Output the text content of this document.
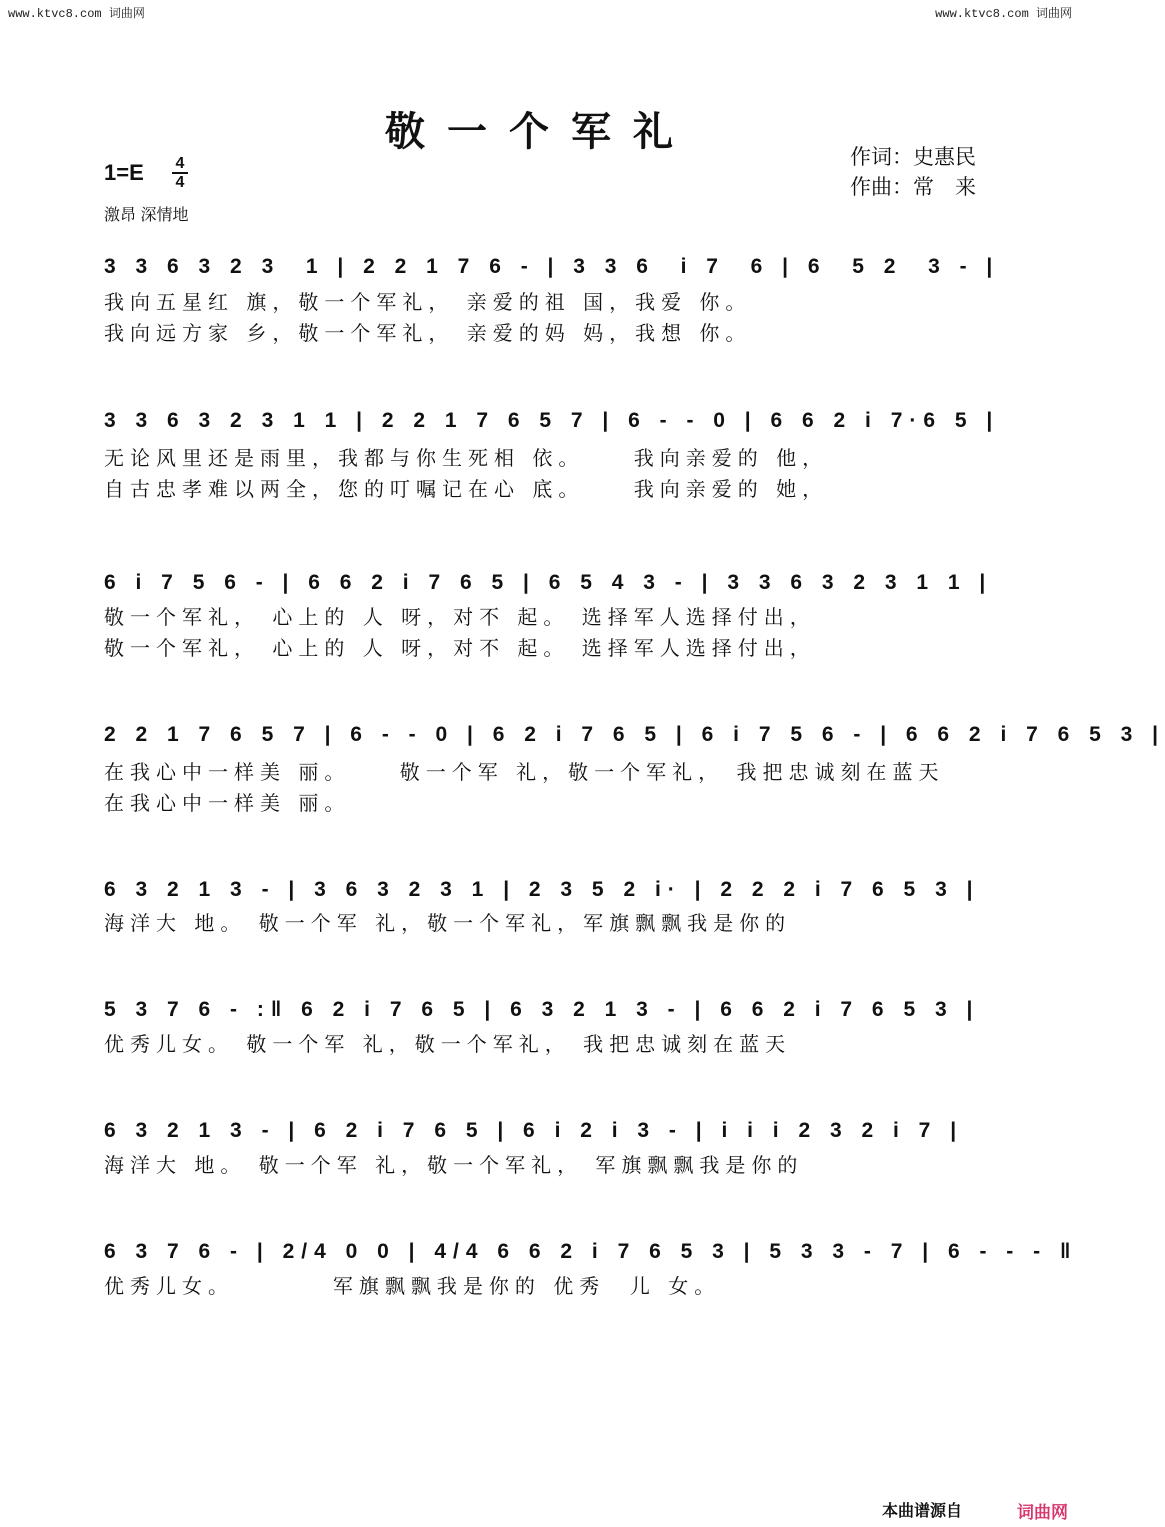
www.ktvc8.com 词曲网	www.ktvc8.com 词曲网
敬一个军礼
作词：史惠民
作曲：常　来
1=E 4
4
激昂 深情地
3 3 6 3 2 3  1 | 2 2 1 7 6 - | 3 3 6  i 7  6 | 6  5 2  3 - |
我向五星红 旗，敬一个军礼， 亲爱的祖 国，我爱 你。
我向远方家 乡，敬一个军礼， 亲爱的妈 妈，我想 你。
3 3 6 3 2 3 1 1 | 2 2 1 7 6 5 7 | 6 - - 0 | 6 6 2 i 7·6 5 |
无论风里还是雨里，我都与你生死相 依。    我向亲爱的 他，
自古忠孝难以两全，您的叮嘱记在心 底。    我向亲爱的 她，
6 i 7 5 6 - | 6 6 2 i 7 6 5 | 6 5 4 3 - | 3 3 6 3 2 3 1 1 |
敬一个军礼， 心上的 人 呀，对不 起。 选择军人选择付出，
敬一个军礼， 心上的 人 呀，对不 起。 选择军人选择付出，
2 2 1 7 6 5 7 | 6 - - 0 | 6 2 i 7 6 5 | 6 i 7 5 6 - | 6 6 2 i 7 6 5 3 |
在我心中一样美 丽。    敬一个军 礼，敬一个军礼， 我把忠诚刻在蓝天
在我心中一样美 丽。
6 3 2 1 3 - | 3 6 3 2 3 1 | 2 3 5 2 i· | 2 2 2 i 7 6 5 3 |
海洋大 地。 敬一个军 礼，敬一个军礼，军旗飘飘我是你的
5 3 7 6 - :‖ 6 2 i 7 6 5 | 6 3 2 1 3 - | 6 6 2 i 7 6 5 3 |
优秀儿女。 敬一个军 礼，敬一个军礼， 我把忠诚刻在蓝天
6 3 2 1 3 - | 6 2 i 7 6 5 | 6 i 2 i 3 - | i i i 2 3 2 i 7 |
海洋大 地。 敬一个军 礼，敬一个军礼， 军旗飘飘我是你的
6 3 7 6 - | 2/4 0 0 | 4/4 6 6 2 i 7 6 5 3 | 5 3 3 - 7 | 6 - - - ‖
优秀儿女。        军旗飘飘我是你的 优秀  儿 女。
本曲谱源自	词曲网
